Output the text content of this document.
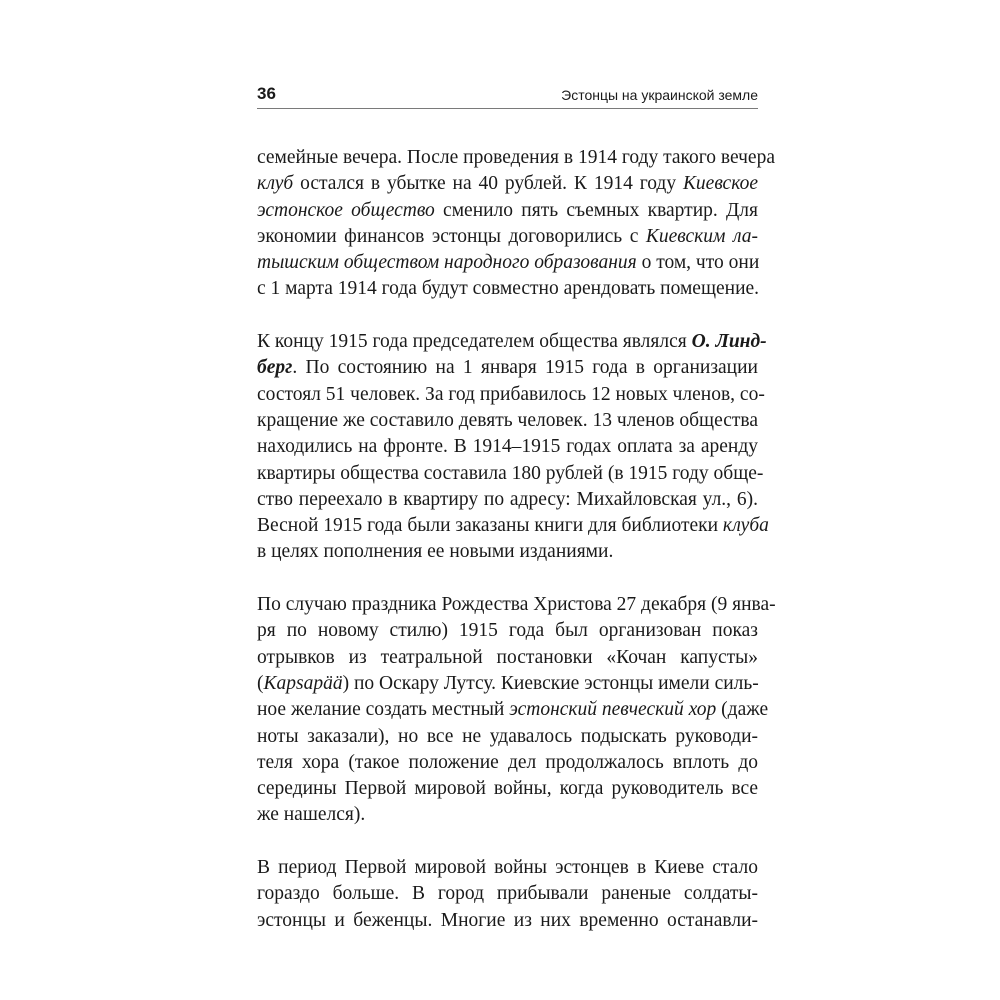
36	Эстонцы на украинской земле
семейные вечера. После проведения в 1914 году такого вечера
клуб остался в убытке на 40 рублей. К 1914 году Киевское
эстонское общество сменило пять съемных квартир. Для
экономии финансов эстонцы договорились с Киевским ла-
тышским обществом народного образования о том, что они
с 1 марта 1914 года будут совместно арендовать помещение.
К концу 1915 года председателем общества являлся О. Линд-
берг. По состоянию на 1 января 1915 года в организации
состоял 51 человек. За год прибавилось 12 новых членов, со-
кращение же составило девять человек. 13 членов общества
находились на фронте. В 1914–1915 годах оплата за аренду
квартиры общества составила 180 рублей (в 1915 году обще-
ство переехало в квартиру по адресу: Михайловская ул., 6).
Весной 1915 года были заказаны книги для библиотеки клуба
в целях пополнения ее новыми изданиями.
По случаю праздника Рождества Христова 27 декабря (9 янва-
ря по новому стилю) 1915 года был организован показ
отрывков из театральной постановки «Кочан капусты»
(Kapsapää) по Оскару Лутсу. Киевские эстонцы имели силь-
ное желание создать местный эстонский певческий хор (даже
ноты заказали), но все не удавалось подыскать руководи-
теля хора (такое положение дел продолжалось вплоть до
середины Первой мировой войны, когда руководитель все
же нашелся).
В период Первой мировой войны эстонцев в Киеве стало
гораздо больше. В город прибывали раненые солдаты-
эстонцы и беженцы. Многие из них временно останавли-
